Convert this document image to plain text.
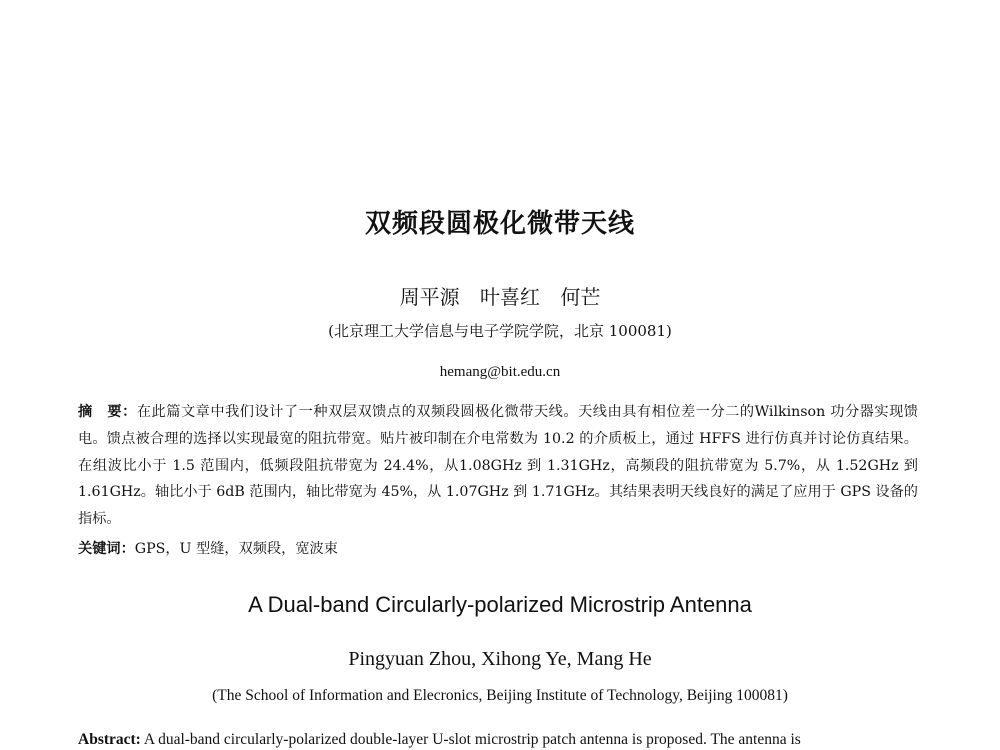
双频段圆极化微带天线
周平源 叶喜红 何芒
(北京理工大学信息与电子学院学院，北京 100081)
hemang@bit.edu.cn
摘　要：在此篇文章中我们设计了一种双层双馈点的双频段圆极化微带天线。天线由具有相位差一分二的Wilkinson 功分器实现馈电。馈点被合理的选择以实现最宽的阻抗带宽。贴片被印制在介电常数为 10.2 的介质板上，通过 HFFS 进行仿真并讨论仿真结果。在组波比小于 1.5 范围内，低频段阻抗带宽为 24.4%，从1.08GHz 到 1.31GHz，高频段的阻抗带宽为 5.7%，从 1.52GHz 到 1.61GHz。轴比小于 6dB 范围内，轴比带宽为 45%，从 1.07GHz 到 1.71GHz。其结果表明天线良好的满足了应用于 GPS 设备的指标。
关键词：GPS，U 型缝，双频段，宽波束
A Dual-band Circularly-polarized Microstrip Antenna
Pingyuan Zhou, Xihong Ye, Mang He
(The School of Information and Elecronics, Beijing Institute of Technology, Beijing 100081)
Abstract: A dual-band circularly-polarized double-layer U-slot microstrip patch antenna is proposed. The antenna is
